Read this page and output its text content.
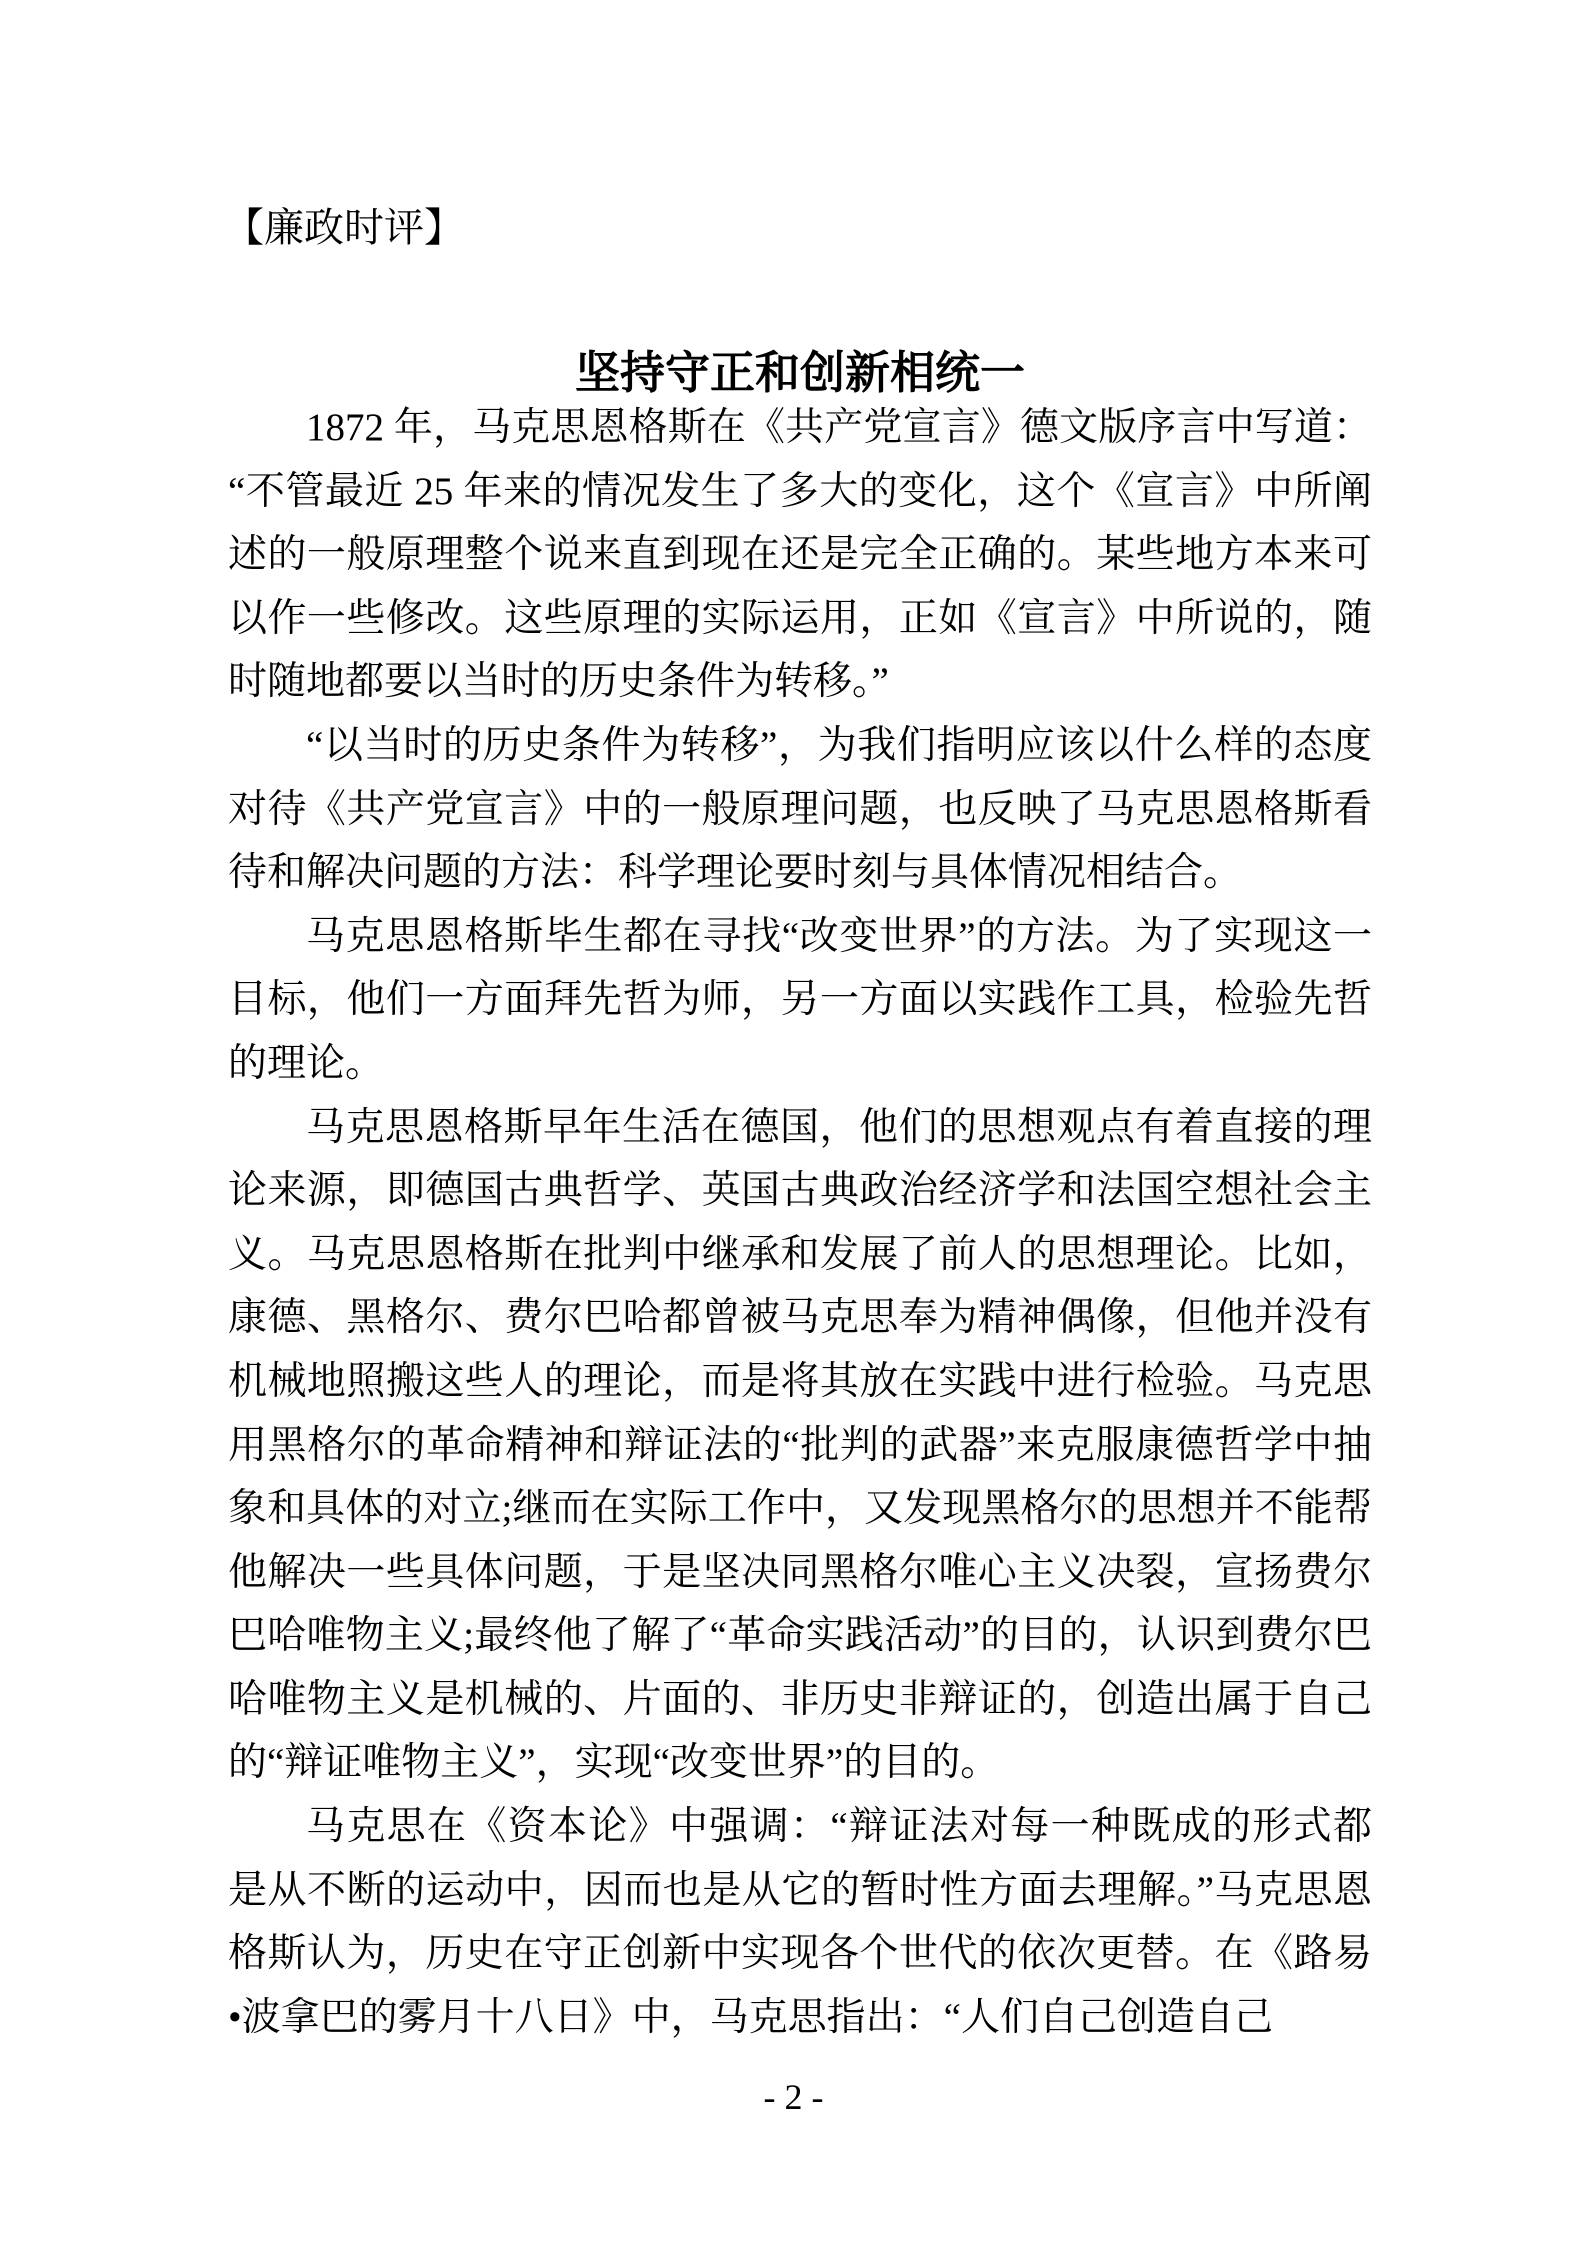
【廉政时评】
坚持守正和创新相统一

1872 年，马克思恩格斯在《共产党宣言》德文版序言中写道：“不管最近 25 年来的情况发生了多大的变化，这个《宣言》中所阐述的一般原理整个说来直到现在还是完全正确的。某些地方本来可以作一些修改。这些原理的实际运用，正如《宣言》中所说的，随时随地都要以当时的历史条件为转移。”

“以当时的历史条件为转移”，为我们指明应该以什么样的态度对待《共产党宣言》中的一般原理问题，也反映了马克思恩格斯看待和解决问题的方法：科学理论要时刻与具体情况相结合。

马克思恩格斯毕生都在寻找“改变世界”的方法。为了实现这一目标，他们一方面拜先哲为师，另一方面以实践作工具，检验先哲的理论。

马克思恩格斯早年生活在德国，他们的思想观点有着直接的理论来源，即德国古典哲学、英国古典政治经济学和法国空想社会主义。马克思恩格斯在批判中继承和发展了前人的思想理论。比如，康德、黑格尔、费尔巴哈都曾被马克思奉为精神偶像，但他并没有机械地照搬这些人的理论，而是将其放在实践中进行检验。马克思用黑格尔的革命精神和辩证法的“批判的武器”来克服康德哲学中抽象和具体的对立;继而在实际工作中，又发现黑格尔的思想并不能帮他解决一些具体问题，于是坚决同黑格尔唯心主义决裂，宣扬费尔巴哈唯物主义;最终他了解了“革命实践活动”的目的，认识到费尔巴哈唯物主义是机械的、片面的、非历史非辩证的，创造出属于自己的“辩证唯物主义”，实现“改变世界”的目的。

马克思在《资本论》中强调：“辩证法对每一种既成的形式都是从不断的运动中，因而也是从它的暂时性方面去理解。”马克思恩格斯认为，历史在守正创新中实现各个世代的依次更替。在《路易•波拿巴的雾月十八日》中，马克思指出：“人们自己创造自己

- 2 -
